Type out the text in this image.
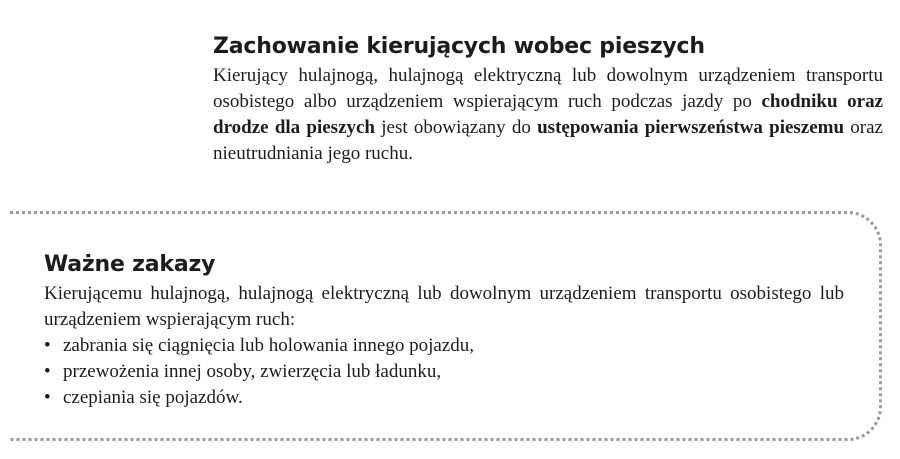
Zachowanie kierujących wobec pieszych

Kierujący hulajnogą, hulajnogą elektryczną lub dowolnym urządzeniem transportu osobistego albo urządzeniem wspierającym ruch podczas jazdy po chodniku oraz drodze dla pieszych jest obowiązany do ustępowania pierwszeństwa pieszemu oraz nieutrudniania jego ruchu.

Ważne zakazy

Kierującemu hulajnogą, hulajnogą elektryczną lub dowolnym urządzeniem transportu osobistego lub urządzeniem wspierającym ruch:

• zabrania się ciągnięcia lub holowania innego pojazdu,
• przewożenia innej osoby, zwierzęcia lub ładunku,
• czepiania się pojazdów.
